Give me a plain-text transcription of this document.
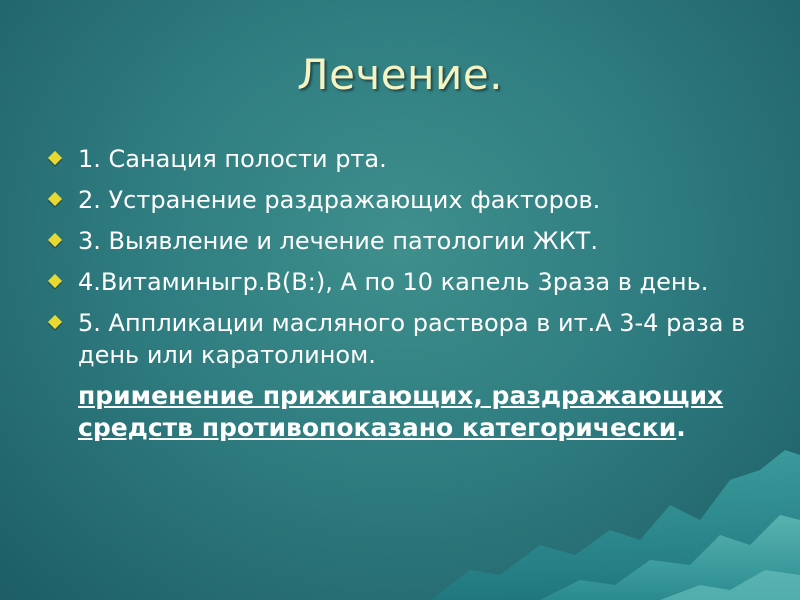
Лечение.
1. Санация полости рта.
2. Устранение раздражающих факторов.
3. Выявление и лечение патологии ЖКТ.
4.Витаминыгр.В(В:), А по 10 капель 3раза в день.
5. Аппликации масляного раствора в ит.А 3-4 раза в день или каратолином.
применение прижигающих, раздражающих средств противопоказано категорически.
